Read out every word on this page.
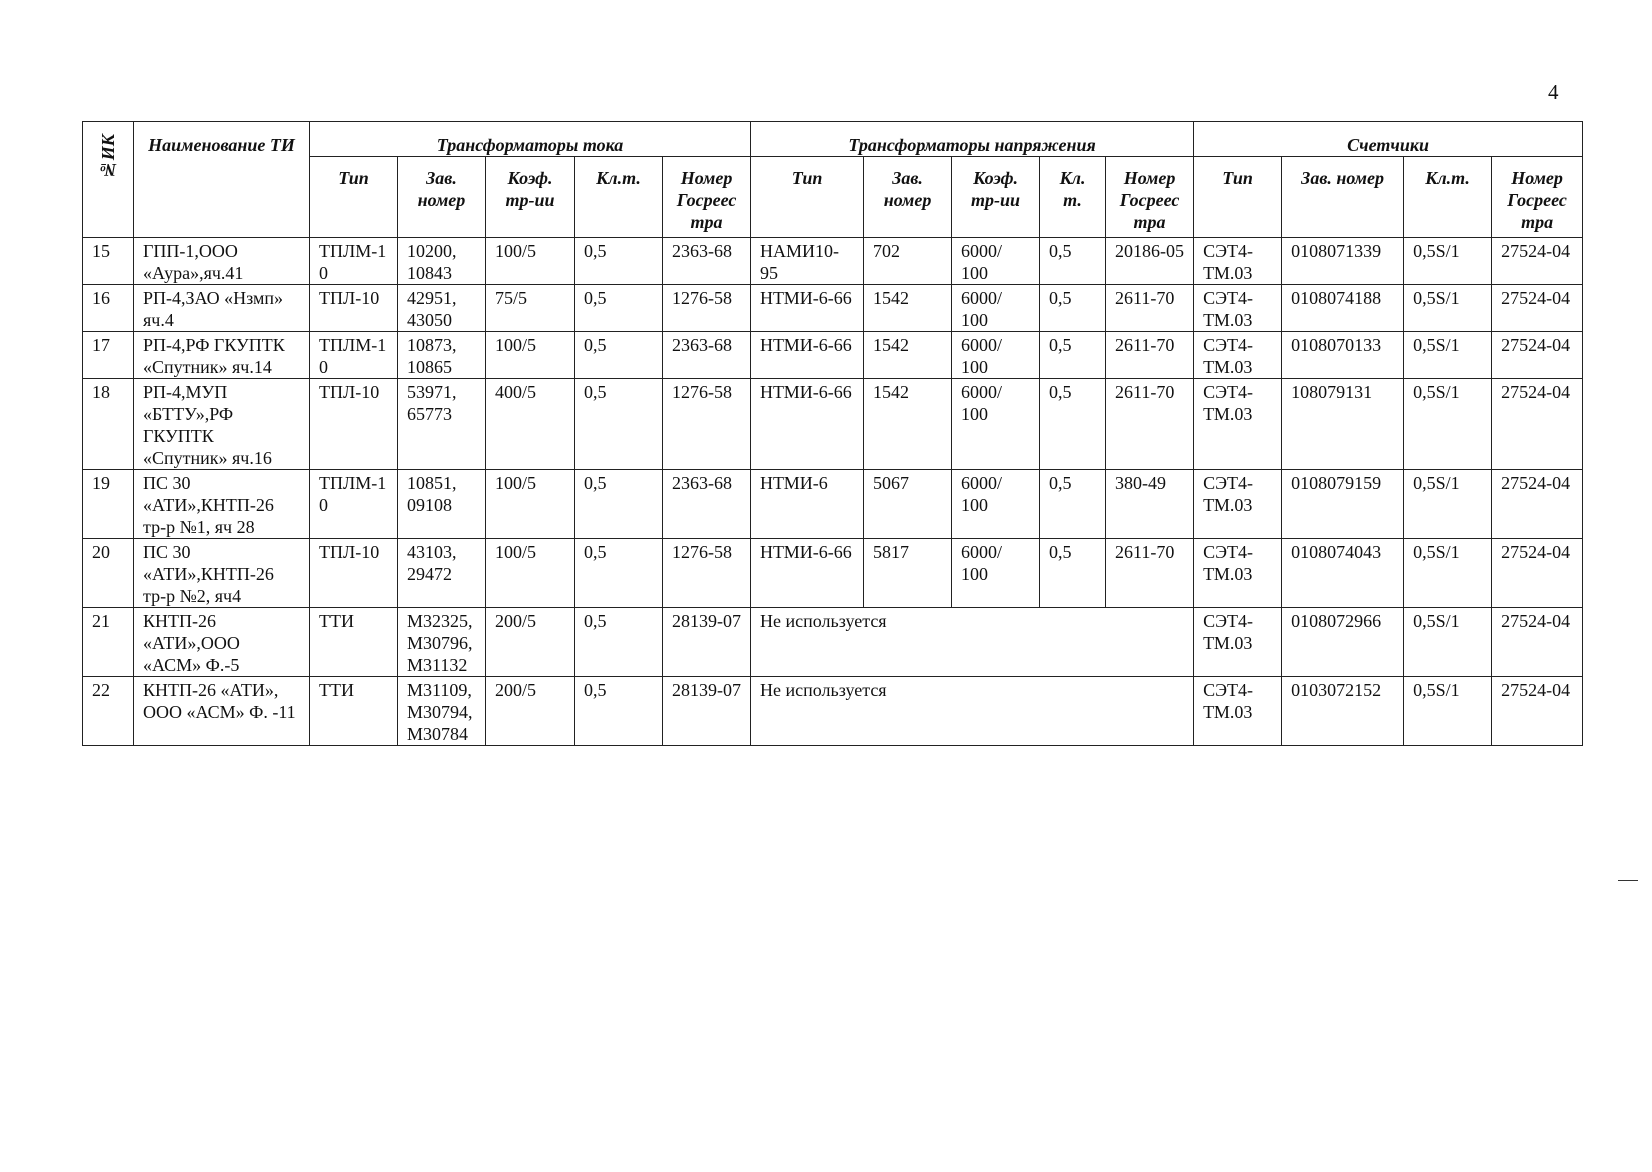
4
№ИК	Наименование ТИ	Трансформаторы тока					Трансформаторы напряжения					Счетчики			
		Тип	Зав. номер	Коэф. тр-ии	Кл.т.	Номер Госреес тра	Тип	Зав. номер	Коэф. тр-ии	Кл. т.	Номер Госреес тра	Тип	Зав. номер	Кл.т.	Номер Госреес тра
15	ГПП-1,ООО «Аура»,яч.41	ТПЛМ-10	10200, 10843	100/5	0,5	2363-68	НАМИ10-95	702	6000/ 100	0,5	20186-05	СЭТ4-ТМ.03	0108071339	0,5S/1	27524-04
16	РП-4,ЗАО «Нзмп» яч.4	ТПЛ-10	42951, 43050	75/5	0,5	1276-58	НТМИ-6-66	1542	6000/ 100	0,5	2611-70	СЭТ4-ТМ.03	0108074188	0,5S/1	27524-04
17	РП-4,РФ ГКУПТК «Спутник» яч.14	ТПЛМ-10	10873, 10865	100/5	0,5	2363-68	НТМИ-6-66	1542	6000/ 100	0,5	2611-70	СЭТ4-ТМ.03	0108070133	0,5S/1	27524-04
18	РП-4,МУП «БТТУ»,РФ ГКУПТК «Спутник» яч.16	ТПЛ-10	53971, 65773	400/5	0,5	1276-58	НТМИ-6-66	1542	6000/ 100	0,5	2611-70	СЭТ4-ТМ.03	108079131	0,5S/1	27524-04
19	ПС 30 «АТИ»,КНТП-26 тр-р №1, яч 28	ТПЛМ-10	10851, 09108	100/5	0,5	2363-68	НТМИ-6	5067	6000/ 100	0,5	380-49	СЭТ4-ТМ.03	0108079159	0,5S/1	27524-04
20	ПС 30 «АТИ»,КНТП-26 тр-р №2, яч4	ТПЛ-10	43103, 29472	100/5	0,5	1276-58	НТМИ-6-66	5817	6000/ 100	0,5	2611-70	СЭТ4-ТМ.03	0108074043	0,5S/1	27524-04
21	КНТП-26 «АТИ»,ООО «АСМ» Ф.-5	ТТИ	М32325, М30796, М31132	200/5	0,5	28139-07	Не используется					СЭТ4-ТМ.03	0108072966	0,5S/1	27524-04
22	КНТП-26 «АТИ», ООО «АСМ» Ф. -11	ТТИ	М31109, М30794, М30784	200/5	0,5	28139-07	Не используется					СЭТ4-ТМ.03	0103072152	0,5S/1	27524-04
